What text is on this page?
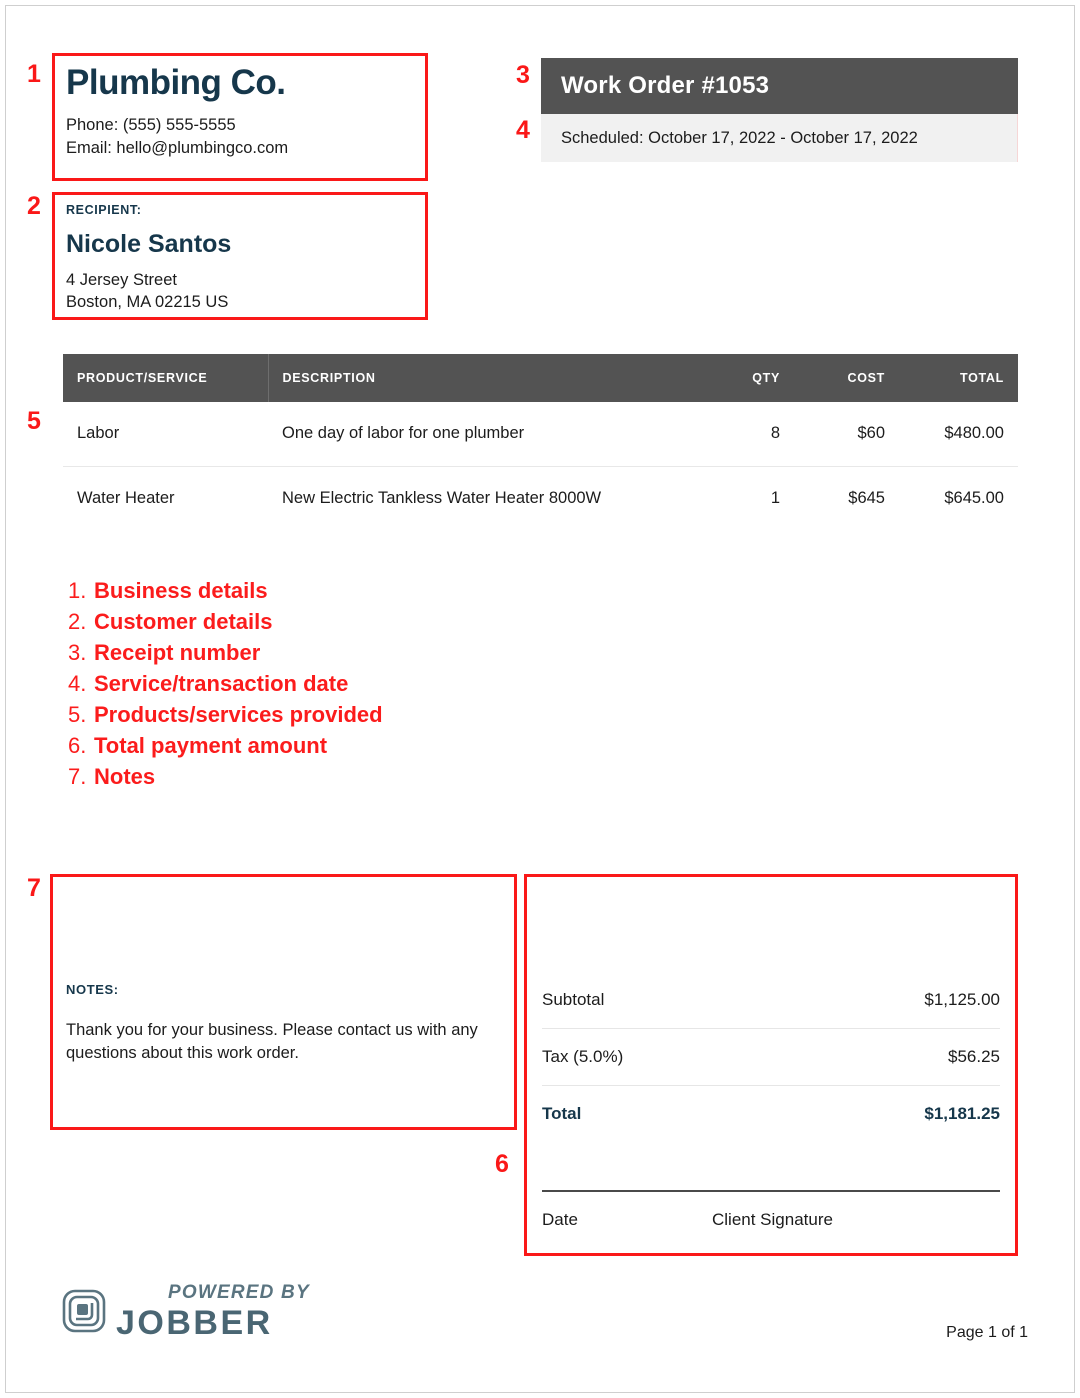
1 Plumbing Co.
Phone: (555) 555-5555
Email: hello@plumbingco.com
2 RECIPIENT:
Nicole Santos
4 Jersey Street
Boston, MA 02215 US
3 Work Order #1053
4 Scheduled: October 17, 2022 - October 17, 2022
5
PRODUCT/SERVICE	DESCRIPTION	QTY	COST	TOTAL
Labor	One day of labor for one plumber	8	$60	$480.00
Water Heater	New Electric Tankless Water Heater 8000W	1	$645	$645.00
1. Business details
2. Customer details
3. Receipt number
4. Service/transaction date
5. Products/services provided
6. Total payment amount
7. Notes
7
NOTES:
Thank you for your business. Please contact us with any questions about this work order.
6
Subtotal	$1,125.00
Tax (5.0%)	$56.25
Total	$1,181.25
Date	Client Signature
POWERED BY
JOBBER	Page 1 of 1
